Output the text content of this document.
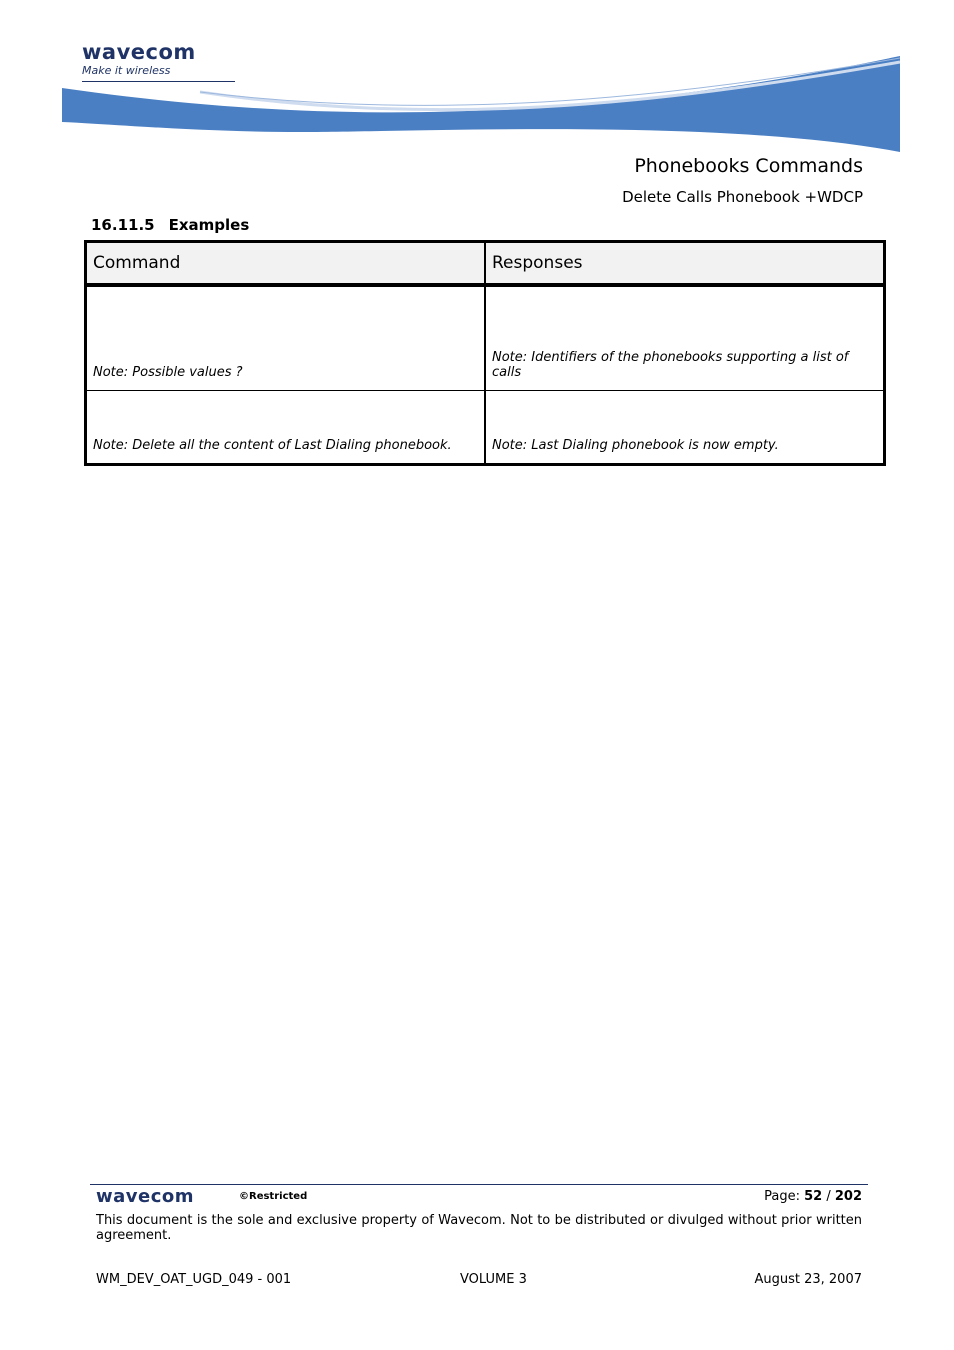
wavecom
Make it wireless
Phonebooks Commands
Delete Calls Phonebook +WDCP
16.11.5 Examples
Command	Responses
Note: Possible values ?	Note: Identifiers of the phonebooks supporting a list of calls
Note: Delete all the content of Last Dialing phonebook.	Note: Last Dialing phonebook is now empty.
wavecom	©Restricted	Page: 52 / 202
This document is the sole and exclusive property of Wavecom. Not to be distributed or divulged without prior written agreement.
WM_DEV_OAT_UGD_049 - 001	VOLUME 3	August 23, 2007
